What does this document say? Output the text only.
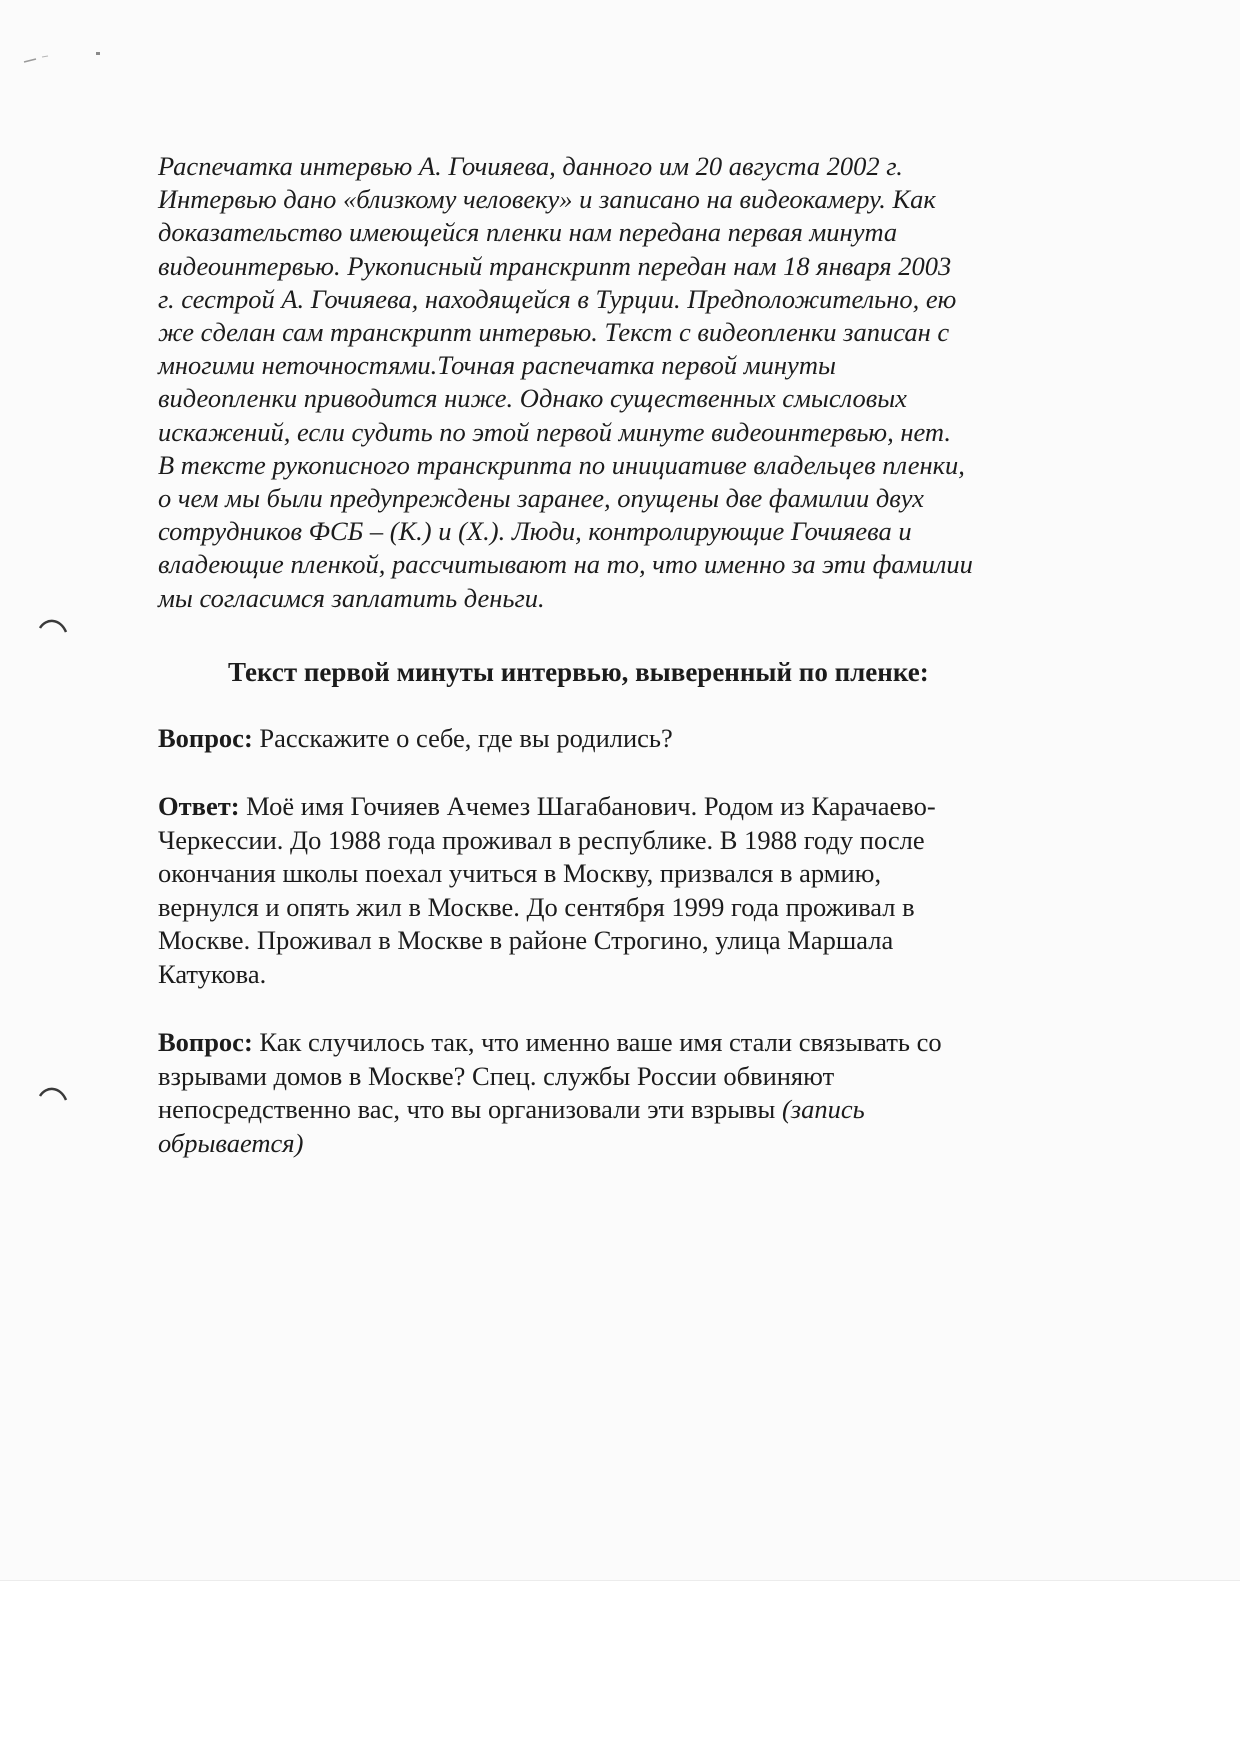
Распечатка интервью А. Гочияева, данного им 20 августа 2002 г.
Интервью дано «близкому человеку» и записано на видеокамеру. Как
доказательство имеющейся пленки нам передана первая минута
видеоинтервью. Рукописный транскрипт передан нам 18 января 2003
г. сестрой А. Гочияева, находящейся в Турции. Предположительно, ею
же сделан сам транскрипт интервью. Текст с видеопленки записан с
многими неточностями.Точная распечатка первой минуты
видеопленки приводится ниже. Однако существенных смысловых
искажений, если судить по этой первой минуте видеоинтервью, нет.
В тексте рукописного транскрипта по инициативе владельцев пленки,
о чем мы были предупреждены заранее, опущены две фамилии двух
сотрудников ФСБ – (К.) и (Х.). Люди, контролирующие Гочияева и
владеющие пленкой, рассчитывают на то, что именно за эти фамилии
мы согласимся заплатить деньги.

Текст первой минуты интервью, выверенный по пленке:

Вопрос: Расскажите о себе, где вы родились?

Ответ: Моё имя Гочияев Ачемез Шагабанович. Родом из Карачаево-
Черкессии. До 1988 года проживал в республике. В 1988 году после
окончания школы поехал учиться в Москву, призвался в армию,
вернулся и опять жил в Москве. До сентября 1999 года проживал в
Москве. Проживал в Москве в районе Строгино, улица Маршала
Катукова.

Вопрос: Как случилось так, что именно ваше имя стали связывать со
взрывами домов в Москве? Спец. службы России обвиняют
непосредственно вас, что вы организовали эти взрывы (запись
обрывается)
